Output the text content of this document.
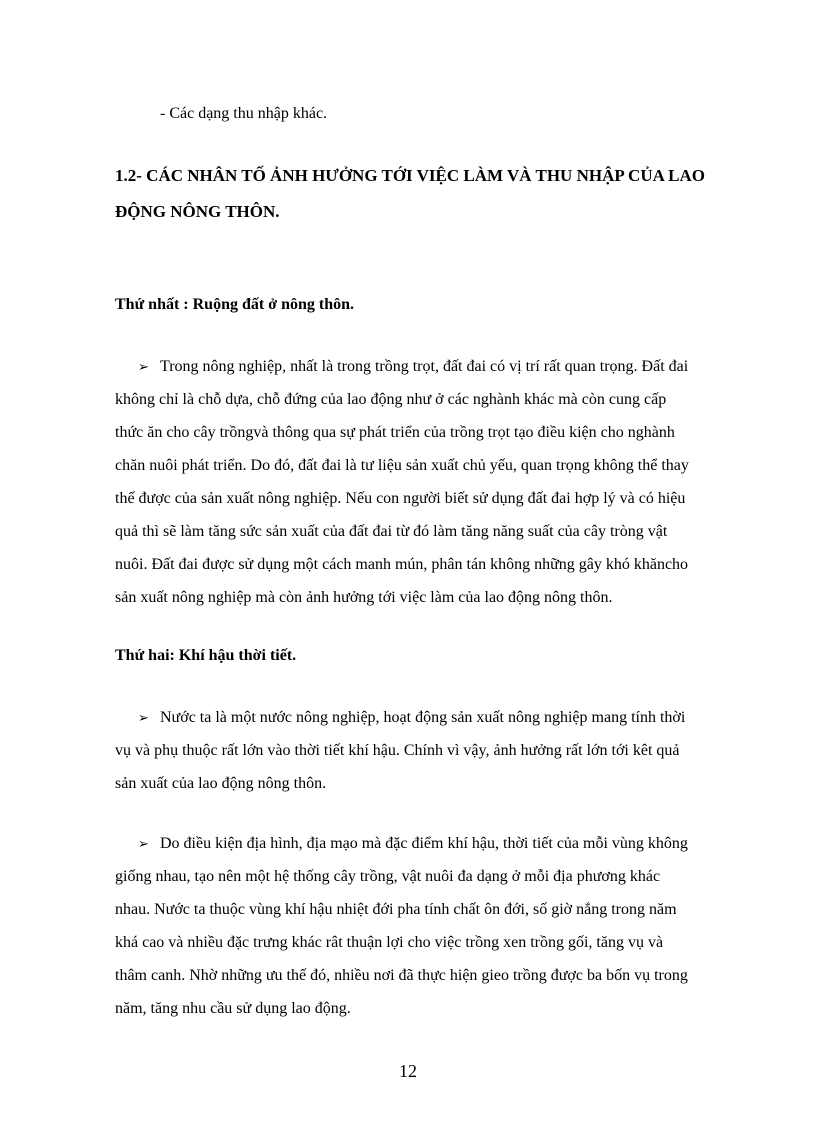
- Các dạng thu nhập khác.

1.2- CÁC NHÂN TỐ ẢNH HƯỞNG TỚI VIỆC LÀM VÀ THU NHẬP CỦA LAO

ĐỘNG NÔNG THÔN.

Thứ nhất : Ruộng đất ở nông thôn.

➢ Trong nông nghiệp, nhất là trong trồng trọt, đất đai có vị trí rất quan trọng. Đất đai

không chỉ là chỗ dựa, chỗ đứng của lao động như ở các nghành khác mà còn cung cấp

thức ăn cho cây trồngvà thông qua sự phát triển của trồng trọt tạo điều kiện cho nghành

chăn nuôi phát triển. Do đó, đất đai là tư liệu sản xuất chủ yếu, quan trọng không thể thay

thế được của sản xuất nông nghiệp. Nếu con người biết sử dụng đất đai hợp lý và có hiệu

quả thì sẽ làm tăng sức sản xuất của đất đai từ đó làm tăng năng suất của cây tròng vật

nuôi. Đất đai được sử dụng một cách manh mún, phân tán không những gây khó khăncho

sản xuất nông nghiệp mà còn ảnh hưởng tới việc làm của lao động nông thôn.

Thứ hai: Khí hậu thời tiết.

➢ Nước ta là một nước nông nghiệp, hoạt động sản xuất nông nghiệp mang tính thời

vụ và phụ thuộc rất lớn vào thời tiết khí hậu. Chính vì vậy, ảnh hưởng rất lớn tới kêt quả

sản xuất của lao động nông thôn.

➢ Do điều kiện địa hình, địa mạo mà đặc điểm khí hậu, thời tiết của mỗi vùng không

giống nhau, tạo nên một hệ thống cây trồng, vật nuôi đa dạng ở mỗi địa phương khác

nhau. Nước ta thuộc vùng khí hậu nhiệt đới pha tính chất ôn đới, số giờ nắng trong năm

khá cao và nhiều đặc trưng khác rât thuận lợi cho việc trồng xen trồng gối, tăng vụ và

thâm canh. Nhờ những ưu thế đó, nhiều nơi đã thực hiện gieo trồng được ba bốn vụ trong

năm, tăng nhu cầu sử dụng lao động.

12
